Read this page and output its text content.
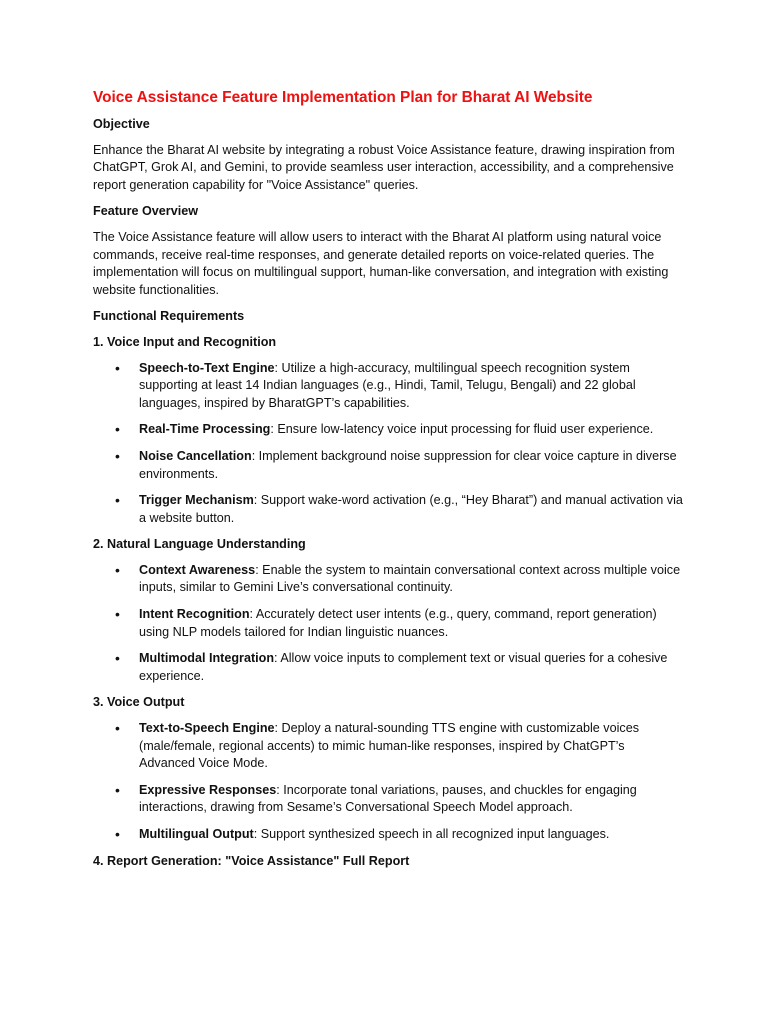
Voice Assistance Feature Implementation Plan for Bharat AI Website
Objective
Enhance the Bharat AI website by integrating a robust Voice Assistance feature, drawing inspiration from ChatGPT, Grok AI, and Gemini, to provide seamless user interaction, accessibility, and a comprehensive report generation capability for "Voice Assistance" queries.
Feature Overview
The Voice Assistance feature will allow users to interact with the Bharat AI platform using natural voice commands, receive real-time responses, and generate detailed reports on voice-related queries. The implementation will focus on multilingual support, human-like conversation, and integration with existing website functionalities.
Functional Requirements
1. Voice Input and Recognition
• Speech-to-Text Engine: Utilize a high-accuracy, multilingual speech recognition system supporting at least 14 Indian languages (e.g., Hindi, Tamil, Telugu, Bengali) and 22 global languages, inspired by BharatGPT’s capabilities.
• Real-Time Processing: Ensure low-latency voice input processing for fluid user experience.
• Noise Cancellation: Implement background noise suppression for clear voice capture in diverse environments.
• Trigger Mechanism: Support wake-word activation (e.g., “Hey Bharat”) and manual activation via a website button.
2. Natural Language Understanding
• Context Awareness: Enable the system to maintain conversational context across multiple voice inputs, similar to Gemini Live’s conversational continuity.
• Intent Recognition: Accurately detect user intents (e.g., query, command, report generation) using NLP models tailored for Indian linguistic nuances.
• Multimodal Integration: Allow voice inputs to complement text or visual queries for a cohesive experience.
3. Voice Output
• Text-to-Speech Engine: Deploy a natural-sounding TTS engine with customizable voices (male/female, regional accents) to mimic human-like responses, inspired by ChatGPT’s Advanced Voice Mode.
• Expressive Responses: Incorporate tonal variations, pauses, and chuckles for engaging interactions, drawing from Sesame’s Conversational Speech Model approach.
• Multilingual Output: Support synthesized speech in all recognized input languages.
4. Report Generation: "Voice Assistance" Full Report
